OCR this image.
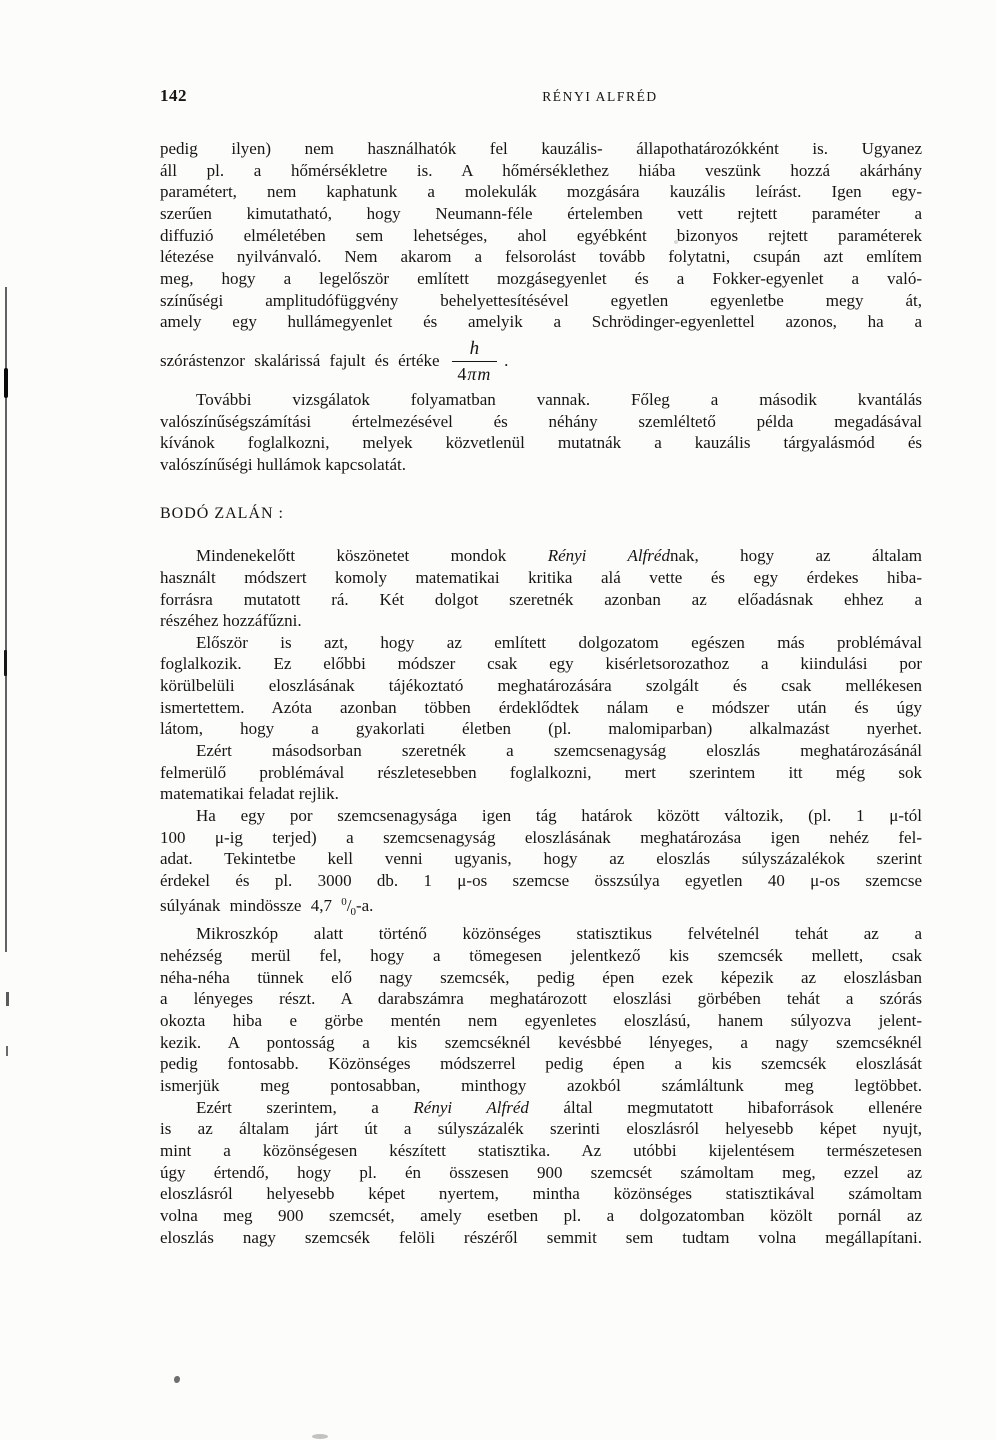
142	RÉNYI ALFRÉD
pedig ilyen) nem használhatók fel kauzális- állapothatározókként is. Ugyanez
áll pl. a hőmérsékletre is. A hőmérséklethez hiába veszünk hozzá akárhány
paramétert, nem kaphatunk a molekulák mozgására kauzális leírást. Igen egy-
szerűen kimutatható, hogy Neumann-féle értelemben vett rejtett paraméter a
diffuzió elméletében sem lehetséges, ahol egyébként bizonyos rejtett paraméterek
létezése nyilvánvaló. Nem akarom a felsorolást tovább folytatni, csupán azt említem
meg, hogy a legelőször említett mozgásegyenlet és a Fokker-egyenlet a való-
színűségi amplitudófüggvény behelyettesítésével egyetlen egyenletbe megy át,
amely egy hullámegyenlet és amelyik a Schrödinger-egyenlettel azonos, ha a
szórástenzor skalárissá fajult és értéke $\frac{h}{4\pi m}$ .
További vizsgálatok folyamatban vannak. Főleg a második kvantálás
valószínűségszámítási értelmezésével és néhány szemléltető példa megadásával
kívánok foglalkozni, melyek közvetlenül mutatnák a kauzális tárgyalásmód és
valószínűségi hullámok kapcsolatát.
BODÓ ZALÁN :
Mindenekelőtt köszönetet mondok Rényi Alfrédnak, hogy az általam
használt módszert komoly matematikai kritika alá vette és egy érdekes hiba-
forrásra mutatott rá. Két dolgot szeretnék azonban az előadásnak ehhez a
részéhez hozzáfűzni.
Először is azt, hogy az említett dolgozatom egészen más problémával
foglalkozik. Ez előbbi módszer csak egy kisérletsorozathoz a kiindulási por
körülbelüli eloszlásának tájékoztató meghatározására szolgált és csak mellékesen
ismertettem. Azóta azonban többen érdeklődtek nálam e módszer után és úgy
látom, hogy a gyakorlati életben (pl. malomiparban) alkalmazást nyerhet.
Ezért másodsorban szeretnék a szemcsenagyság eloszlás meghatározásánál
felmerülő problémával részletesebben foglalkozni, mert szerintem itt még sok
matematikai feladat rejlik.
Ha egy por szemcsenagysága igen tág határok között változik, (pl. 1 μ-tól
100 μ-ig terjed) a szemcsenagyság eloszlásának meghatározása igen nehéz fel-
adat. Tekintetbe kell venni ugyanis, hogy az eloszlás súlyszázalékok szerint
érdekel és pl. 3000 db. 1 μ-os szemcse összsúlya egyetlen 40 μ-os szemcse
súlyának mindössze 4,7 $^0/_0-a$.
Mikroszkóp alatt történő közönséges statisztikus felvételnél tehát az a
nehézség merül fel, hogy a tömegesen jelentkező kis szemcsék mellett, csak
néha-néha tünnek elő nagy szemcsék, pedig épen ezek képezik az eloszlásban
a lényeges részt. A darabszámra meghatározott eloszlási görbében tehát a szórás
okozta hiba e görbe mentén nem egyenletes eloszlású, hanem súlyozva jelent-
kezik. A pontosság a kis szemcséknél kevésbbé lényeges, a nagy szemcséknél
pedig fontosabb. Közönséges módszerrel pedig épen a kis szemcsék eloszlását
ismerjük meg pontosabban, minthogy azokból számláltunk meg legtöbbet.
Ezért szerintem, a Rényi Alfréd által megmutatott hibaforrások ellenére
is az általam járt út a súlyszázalék szerinti eloszlásról helyesebb képet nyujt,
mint a közönségesen készített statisztika. Az utóbbi kijelentésem természetesen
úgy értendő, hogy pl. én összesen 900 szemcsét számoltam meg, ezzel az
eloszlásról helyesebb képet nyertem, mintha közönséges statisztikával számoltam
volna meg 900 szemcsét, amely esetben pl. a dolgozatomban közölt pornál az
eloszlás nagy szemcsék felöli részéről semmit sem tudtam volna megállapítani.
